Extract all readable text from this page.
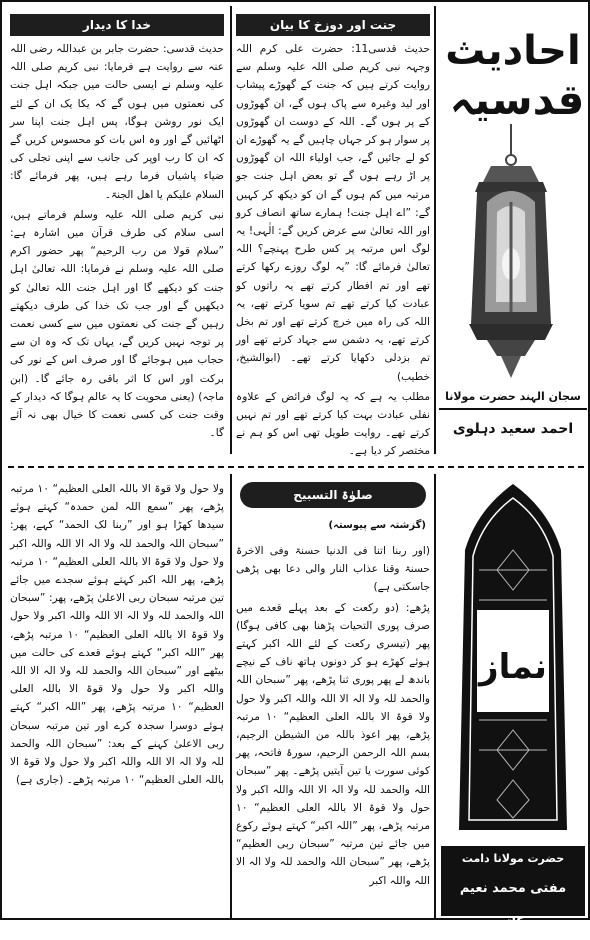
احادیث
قدسیہ
سجان الہند حضرت مولانا
احمد سعید دہلوی
جنت اور دوزخ کا بیان

حدیث قدسی11: حضرت علی کرم اللہ وجہہ نبی کریم صلی اللہ علیہ وسلم سے روایت کرتے ہیں کہ جنت کے گھوڑے پیشاب اور لید وغیرہ سے پاک ہوں گے، ان گھوڑوں کے پر ہوں گے۔ اللہ کے دوست ان گھوڑوں پر سوار ہو کر جہاں چاہیں گے یہ گھوڑے ان کو لے جائیں گے، جب اولیاء اللہ ان گھوڑوں پر اڑ رہے ہوں گے تو بعض اہل جنت جو مرتبہ میں کم ہوں گے ان کو دیکھ کر کہیں گے: ”اے اہل جنت! ہمارے ساتھ انصاف کرو اور اللہ تعالیٰ سے عرض کریں گے: الٰہی! یہ لوگ اس مرتبہ پر کس طرح پہنچے؟ اللہ تعالیٰ فرمائے گا: ”یہ لوگ روزے رکھا کرتے تھے اور تم افطار کرتے تھے یہ راتوں کو عبادت کیا کرتے تھے تم سویا کرتے تھے، یہ اللہ کی راہ میں خرچ کرتے تھے اور تم بخل کرتے تھے، یہ دشمن سے جہاد کرتے تھے اور تم بزدلی دکھایا کرتے تھے۔ (ابوالشیخ، خطیب)

مطلب یہ ہے کہ یہ لوگ فرائض کے علاوہ نفلی عبادت بہت کیا کرتے تھے اور تم نہیں کرتے تھے۔ روایت طویل تھی اس کو ہم نے مختصر کر دیا ہے۔

خدا کا دیدار

حدیث قدسی: حضرت جابر بن عبداللہ رضی اللہ عنہ سے روایت ہے فرمایا: نبی کریم صلی اللہ علیہ وسلم نے ایسی حالت میں جبکہ اہل جنت کی نعمتوں میں ہوں گے کہ یکا یک ان کے لئے ایک نور روشن ہوگا، پس اہل جنت اپنا سر اٹھائیں گے اور وہ اس بات کو محسوس کریں گے کہ ان کا رب اوپر کی جانب سے اپنی تجلی کی ضیاء پاشیاں فرما رہے ہیں، پھر فرمائے گا: السلام علیکم یا اھل الجنۃ۔

نبی کریم صلی اللہ علیہ وسلم فرماتے ہیں، اسی سلام کی طرف قرآن میں اشارہ ہے: ”سلام قولا من رب الرحیم“ پھر حضور اکرم صلی اللہ علیہ وسلم نے فرمایا: اللہ تعالیٰ اہل جنت کو دیکھے گا اور اہل جنت اللہ تعالیٰ کو دیکھیں گے اور جب تک خدا کی طرف دیکھتے رہیں گے جنت کی نعمتوں میں سے کسی نعمت پر توجہ نہیں کریں گے، یہاں تک کہ وہ ان سے حجاب میں ہوجائے گا اور صرف اس کے نور کی برکت اور اس کا اثر باقی رہ جائے گا۔ (ابن ماجہ) (یعنی محویت کا یہ عالم ہوگا کہ دیدار کے وقت جنت کی کسی نعمت کا خیال بھی نہ آئے گا۔

نماز
حضرت مولانا دامت
مفتی محمد نعیم برکاتہم
صلوٰۃ التسبیح
(گزشتہ سے پیوستہ)

(اور ربنا اتنا فی الدنیا حسنۃ وفی الاخرۃ حسنۃ وقنا عذاب النار والی دعا بھی پڑھی جاسکتی ہے)

پڑھے: (دو رکعت کے بعد پہلے قعدے میں صرف پوری التحیات پڑھنا بھی کافی ہوگا) پھر (تیسری رکعت کے لئے اللہ اکبر کہتے ہوئے کھڑے ہو کر دونوں ہاتھ ناف کے نیچے باندھ لے پھر پوری ثنا پڑھے، پھر ”سبحان اللہ والحمد للہ ولا الہ الا اللہ واللہ اکبر ولا حول ولا قوۃ الا باللہ العلی العظیم“ ۱۰ مرتبہ پڑھے، پھر اعوذ باللہ من الشیطن الرجیم، بسم اللہ الرحمن الرحیم، سورۂ فاتحہ، پھر کوئی سورت یا تین آیتیں پڑھے۔ پھر ”سبحان اللہ والحمد للہ ولا الہ الا اللہ واللہ اکبر ولا حول ولا قوۃ الا باللہ العلی العظیم“ ۱۰ مرتبہ پڑھے، پھر ”اللہ اکبر“ کہتے ہوئے رکوع میں جائے تین مرتبہ ”سبحان ربی العظیم“ پڑھے، پھر ”سبحان اللہ والحمد للہ ولا الہ الا اللہ واللہ اکبر

ولا حول ولا قوۃ الا باللہ العلی العظیم“ ۱۰ مرتبہ پڑھے، پھر ”سمع اللہ لمن حمدہ“ کہتے ہوئے سیدھا کھڑا ہو اور ”ربنا لک الحمد“ کہے، پھر: ”سبحان اللہ والحمد للہ ولا الہ الا اللہ واللہ اکبر ولا حول ولا قوۃ الا باللہ العلی العظیم“ ۱۰ مرتبہ پڑھے، پھر اللہ اکبر کہتے ہوئے سجدے میں جائے تین مرتبہ سبحان ربی الاعلیٰ پڑھے، پھر: ”سبحان اللہ والحمد للہ ولا الہ الا اللہ واللہ اکبر ولا حول ولا قوۃ الا باللہ العلی العظیم“ ۱۰ مرتبہ پڑھے، پھر ”اللہ اکبر“ کہتے ہوئے قعدے کی حالت میں بیٹھے اور ”سبحان اللہ والحمد للہ ولا الہ الا اللہ واللہ اکبر ولا حول ولا قوۃ الا باللہ العلی العظیم“ ۱۰ مرتبہ پڑھے، پھر ”اللہ اکبر“ کہتے ہوئے دوسرا سجدہ کرے اور تین مرتبہ سبحان ربی الاعلیٰ کہنے کے بعد: ”سبحان اللہ والحمد للہ ولا الہ الا اللہ واللہ اکبر ولا حول ولا قوۃ الا باللہ العلی العظیم“ ۱۰ مرتبہ پڑھے۔ (جاری ہے)
